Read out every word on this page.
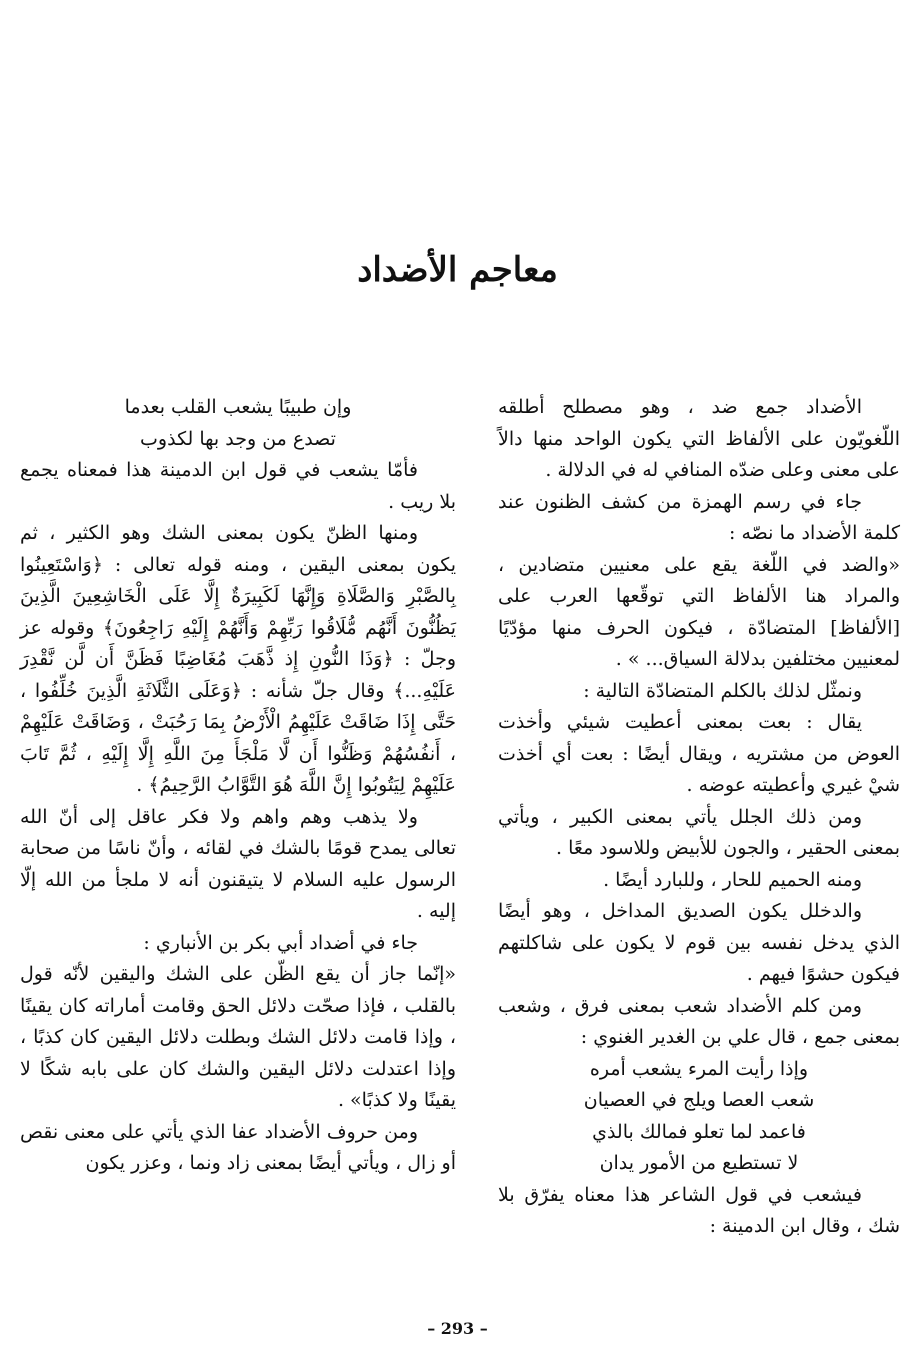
معاجم الأضداد

الأضداد جمع ضد ، وهو مصطلح أطلقه اللّغويّون على الألفاظ التي يكون الواحد منها دالاً على معنى وعلى ضدّه المنافي له في الدلالة .

جاء في رسم الهمزة من كشف الظنون عند كلمة الأضداد ما نصّه :

«والضد في اللّغة يقع على معنيين متضادين ، والمراد هنا الألفاظ التي توقّعها العرب على [الألفاظ] المتضادّة ، فيكون الحرف منها مؤدّيًا لمعنيين مختلفين بدلالة السياق... » .

ونمثّل لذلك بالكلم المتضادّة التالية :

يقال : بعت بمعنى أعطيت شيئي وأخذت العوض من مشتريه ، ويقال أيضًا : بعت أي أخذت شيْ غيري وأعطيته عوضه .

ومن ذلك الجلل يأتي بمعنى الكبير ، ويأتي بمعنى الحقير ، والجون للأبيض وللاسود معًا .

ومنه الحميم للحار ، وللبارد أيضًا .

والدخلل يكون الصديق المداخل ، وهو أيضًا الذي يدخل نفسه بين قوم لا يكون على شاكلتهم فيكون حشوًا فيهم .

ومن كلم الأضداد شعب بمعنى فرق ، وشعب بمعنى جمع ، قال علي بن الغدير الغنوي :

وإذا رأيت المرء يشعب أمره

شعب العصا ويلج في العصيان

فاعمد لما تعلو فمالك بالذي

لا تستطيع من الأمور يدان

فيشعب في قول الشاعر هذا معناه يفرّق بلا شك ، وقال ابن الدمينة :

وإن طبيبًا يشعب القلب بعدما

تصدع من وجد بها لكذوب

فأمّا يشعب في قول ابن الدمينة هذا فمعناه يجمع بلا ريب .

ومنها الظنّ يكون بمعنى الشك وهو الكثير ، ثم يكون بمعنى اليقين ، ومنه قوله تعالى : ﴿وَاسْتَعِينُوا بِالصَّبْرِ وَالصَّلَاةِ وَإِنَّهَا لَكَبِيرَةٌ إِلَّا عَلَى الْخَاشِعِينَ الَّذِينَ يَظُنُّونَ أَنَّهُم مُّلَاقُوا رَبِّهِمْ وَأَنَّهُمْ إِلَيْهِ رَاجِعُونَ﴾ وقوله عز وجلّ : ﴿وَذَا النُّونِ إِذ ذَّهَبَ مُغَاضِبًا فَظَنَّ أَن لَّن نَّقْدِرَ عَلَيْهِ...﴾ وقال جلّ شأنه : ﴿وَعَلَى الثَّلَاثَةِ الَّذِينَ خُلِّفُوا ، حَتَّى إِذَا ضَاقَتْ عَلَيْهِمُ الْأَرْضُ بِمَا رَحُبَتْ ، وَضَاقَتْ عَلَيْهِمْ ، أَنفُسُهُمْ وَظَنُّوا أَن لَّا مَلْجَأَ مِنَ اللَّهِ إِلَّا إِلَيْهِ ، ثُمَّ تَابَ عَلَيْهِمْ لِيَتُوبُوا إِنَّ اللَّهَ هُوَ التَّوَّابُ الرَّحِيمُ﴾ .

ولا يذهب وهم واهم ولا فكر عاقل إلى أنّ الله تعالى يمدح قومًا بالشك في لقائه ، وأنّ ناسًا من صحابة الرسول عليه السلام لا يتيقنون أنه لا ملجأ من الله إلّا إليه .

جاء في أضداد أبي بكر بن الأنباري :

«إنّما جاز أن يقع الظّن على الشك واليقين لأنّه قول بالقلب ، فإذا صحّت دلائل الحق وقامت أماراته كان يقينًا ، وإذا قامت دلائل الشك وبطلت دلائل اليقين كان كذبًا ، وإذا اعتدلت دلائل اليقين والشك كان على بابه شكًا لا يقينًا ولا كذبًا» .

ومن حروف الأضداد عفا الذي يأتي على معنى نقص أو زال ، ويأتي أيضًا بمعنى زاد ونما ، وعزر يكون

– 293 –
